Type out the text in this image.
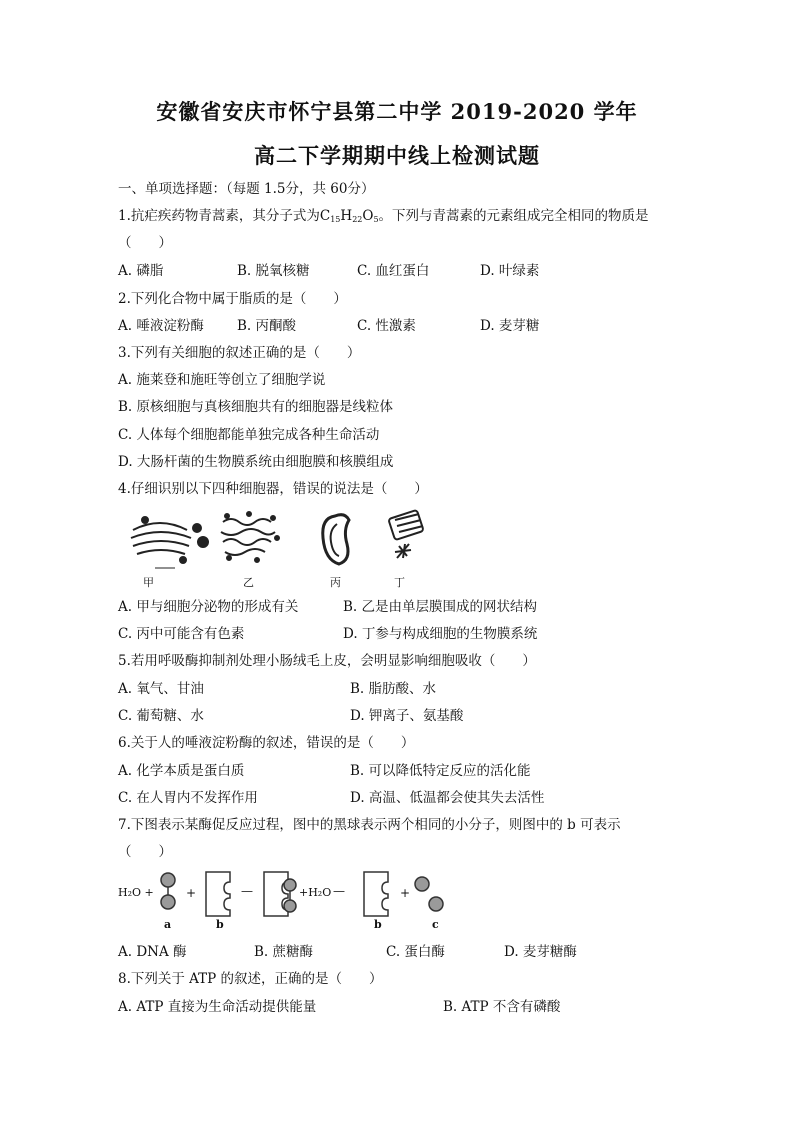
安徽省安庆市怀宁县第二中学 2019-2020 学年
高二下学期期中线上检测试题
一、单项选择题：（每题 1.5分，共 60分）
1.抗疟疾药物青蒿素，其分子式为$C_{15}H_{22}O_5$。下列与青蒿素的元素组成完全相同的物质是
（　　）
A. 磷脂	B. 脱氧核糖	C. 血红蛋白	D. 叶绿素
2.下列化合物中属于脂质的是（　　）
A. 唾液淀粉酶 B. 丙酮酸	C. 性激素	D. 麦芽糖
3.下列有关细胞的叙述正确的是（　　）
A. 施莱登和施旺等创立了细胞学说
B. 原核细胞与真核细胞共有的细胞器是线粒体
C. 人体每个细胞都能单独完成各种生命活动
D. 大肠杆菌的生物膜系统由细胞膜和核膜组成
4.仔细识别以下四种细胞器，错误的说法是（　　）
甲	乙	丙	丁
A. 甲与细胞分泌物的形成有关	B. 乙是由单层膜围成的网状结构
C. 丙中可能含有色素	D. 丁参与构成细胞的生物膜系统
5.若用呼吸酶抑制剂处理小肠绒毛上皮，会明显影响细胞吸收（　　）
A. 氧气、甘油	B. 脂肪酸、水
C. 葡萄糖、水	D. 钾离子、氨基酸
6.关于人的唾液淀粉酶的叙述，错误的是（　　）
A. 化学本质是蛋白质	B. 可以降低特定反应的活化能
C. 在人胃内不发挥作用	D. 高温、低温都会使其失去活性
7.下图表示某酶促反应过程，图中的黑球表示两个相同的小分子，则图中的 b 可表示
（　　）
H₂O +	+	—	+H₂O —	+
a	b	b	c
A. DNA 酶	B. 蔗糖酶	C. 蛋白酶	D. 麦芽糖酶
8.下列关于 ATP 的叙述，正确的是（　　）
A. ATP 直接为生命活动提供能量	B. ATP 不含有磷酸
